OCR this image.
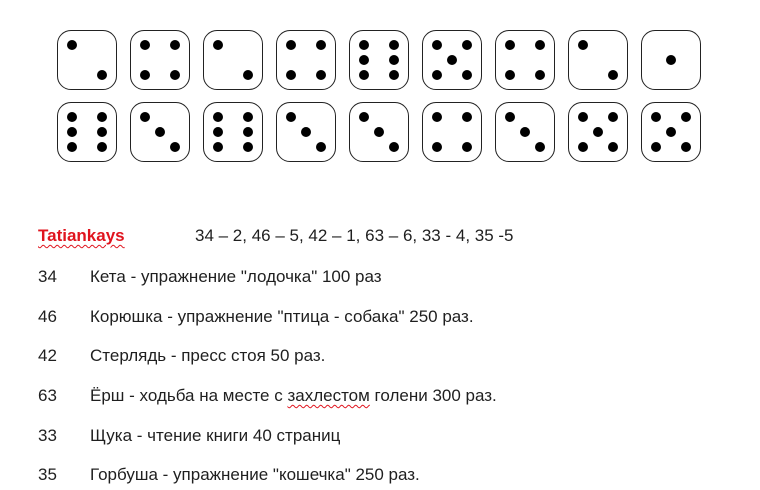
Tatiankays	34 – 2, 46 – 5, 42 – 1, 63 – 6, 33 - 4, 35 -5
34 Кета - упражнение "лодочка" 100 раз
46 Корюшка - упражнение "птица - собака" 250 раз.
42 Стерлядь - пресс стоя 50 раз.
63 Ёрш - ходьба на месте с захлестом голени 300 раз.
33 Щука - чтение книги 40 страниц
35 Горбуша - упражнение "кошечка" 250 раз.
